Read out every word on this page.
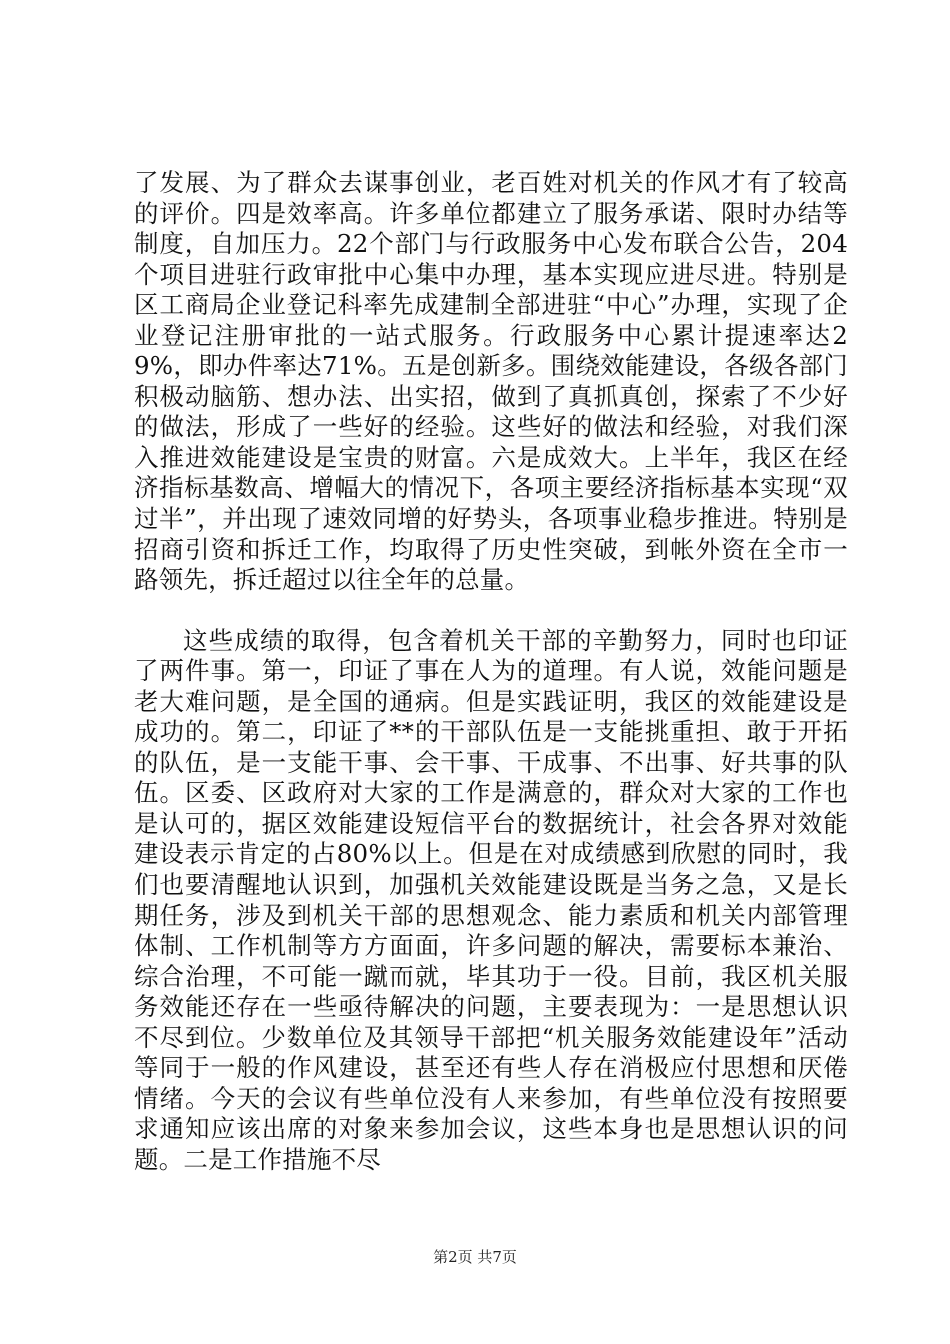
了发展、为了群众去谋事创业，老百姓对机关的作风才有了较高的评价。四是效率高。许多单位都建立了服务承诺、限时办结等制度，自加压力。22个部门与行政服务中心发布联合公告，204个项目进驻行政审批中心集中办理，基本实现应进尽进。特别是区工商局企业登记科率先成建制全部进驻“中心”办理，实现了企业登记注册审批的一站式服务。行政服务中心累计提速率达29%，即办件率达71%。五是创新多。围绕效能建设，各级各部门积极动脑筋、想办法、出实招，做到了真抓真创，探索了不少好的做法，形成了一些好的经验。这些好的做法和经验，对我们深入推进效能建设是宝贵的财富。六是成效大。上半年，我区在经济指标基数高、增幅大的情况下，各项主要经济指标基本实现“双过半”，并出现了速效同增的好势头，各项事业稳步推进。特别是招商引资和拆迁工作，均取得了历史性突破，到帐外资在全市一路领先，拆迁超过以往全年的总量。

这些成绩的取得，包含着机关干部的辛勤努力，同时也印证了两件事。第一，印证了事在人为的道理。有人说，效能问题是老大难问题，是全国的通病。但是实践证明，我区的效能建设是成功的。第二，印证了**的干部队伍是一支能挑重担、敢于开拓的队伍，是一支能干事、会干事、干成事、不出事、好共事的队伍。区委、区政府对大家的工作是满意的，群众对大家的工作也是认可的，据区效能建设短信平台的数据统计，社会各界对效能建设表示肯定的占80%以上。但是在对成绩感到欣慰的同时，我们也要清醒地认识到，加强机关效能建设既是当务之急，又是长期任务，涉及到机关干部的思想观念、能力素质和机关内部管理体制、工作机制等方方面面，许多问题的解决，需要标本兼治、综合治理，不可能一蹴而就，毕其功于一役。目前，我区机关服务效能还存在一些亟待解决的问题，主要表现为：一是思想认识不尽到位。少数单位及其领导干部把“机关服务效能建设年”活动等同于一般的作风建设，甚至还有些人存在消极应付思想和厌倦情绪。今天的会议有些单位没有人来参加，有些单位没有按照要求通知应该出席的对象来参加会议，这些本身也是思想认识的问题。二是工作措施不尽

第2页 共7页
